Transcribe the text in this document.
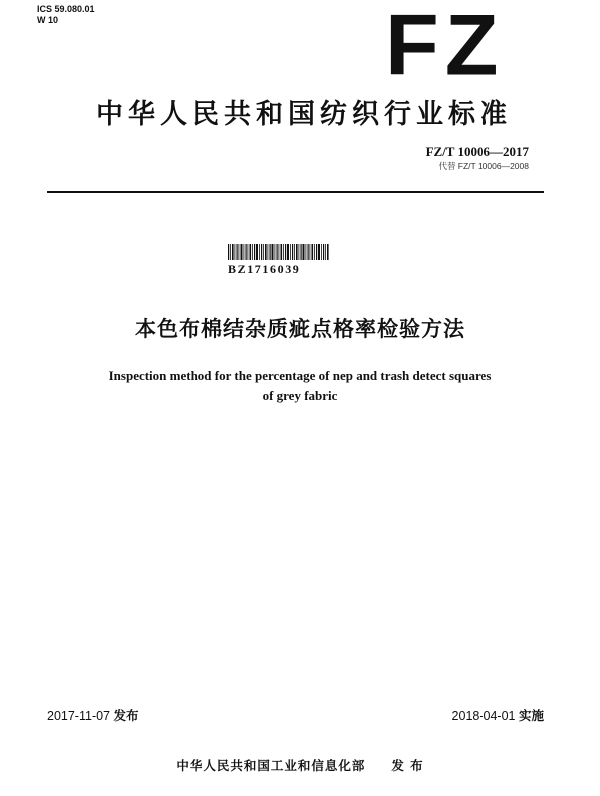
ICS 59.080.01
W 10	FZ
中华人民共和国纺织行业标准
FZ/T 10006—2017
代替 FZ/T 10006—2008
BZ1716039
本色布棉结杂质疵点格率检验方法
Inspection method for the percentage of nep and trash detect squares
of grey fabric
2017-11-07 发布	2018-04-01 实施
中华人民共和国工业和信息化部 发 布
